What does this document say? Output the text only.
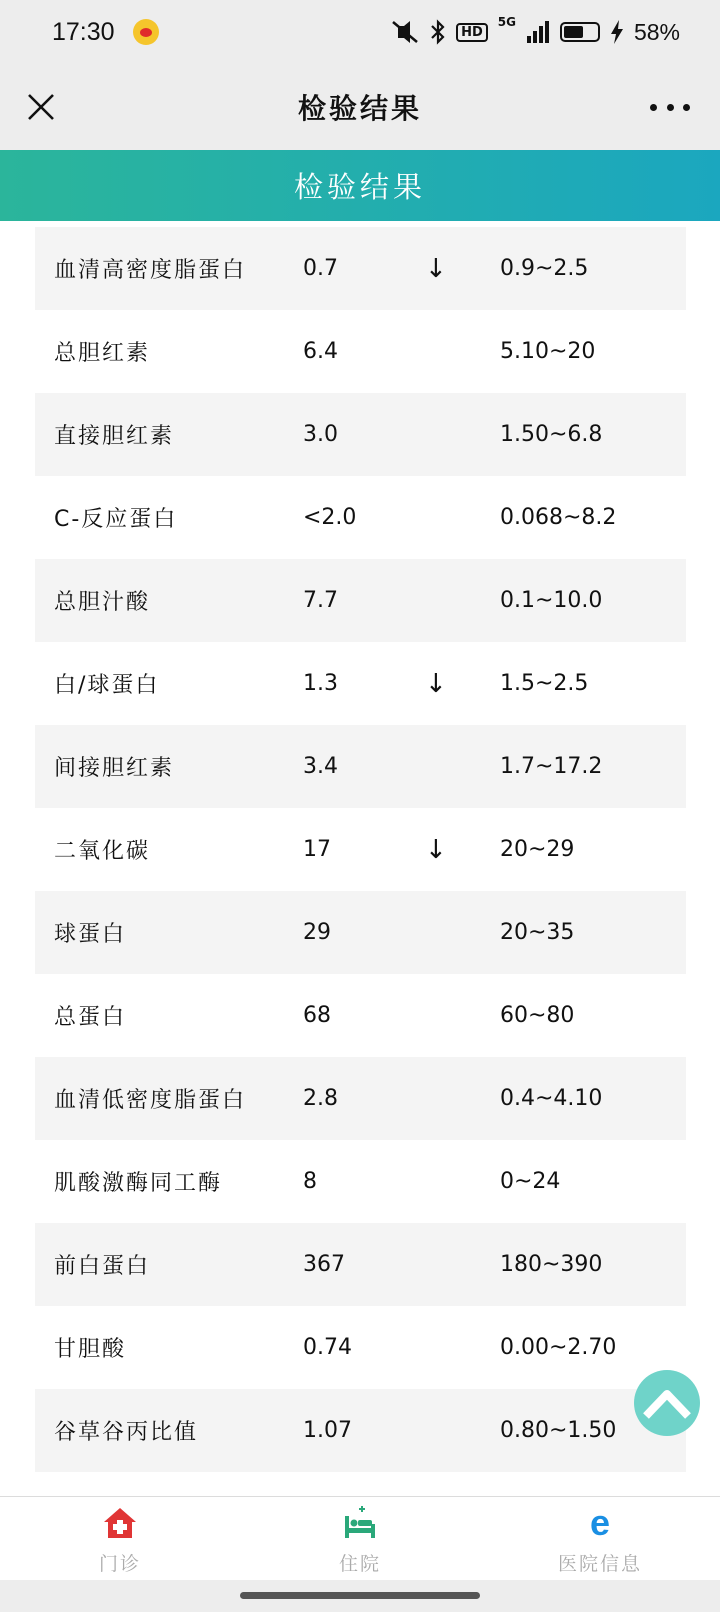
17:30	HD
5G	58%
检验结果
检验结果
血清高密度脂蛋白	0.7	↓	0.9~2.5
总胆红素	6.4	5.10~20
直接胆红素	3.0	1.50~6.8
C-反应蛋白	<2.0	0.068~8.2
总胆汁酸	7.7	0.1~10.0
白/球蛋白	1.3	↓	1.5~2.5
间接胆红素	3.4	1.7~17.2
二氧化碳	17	↓	20~29
球蛋白	29	20~35
总蛋白	68	60~80
血清低密度脂蛋白	2.8	0.4~4.10
肌酸激酶同工酶	8	0~24
前白蛋白	367	180~390
甘胆酸	0.74	0.00~2.70
谷草谷丙比值	1.07	0.80~1.50
门诊	住院
e
医院信息
